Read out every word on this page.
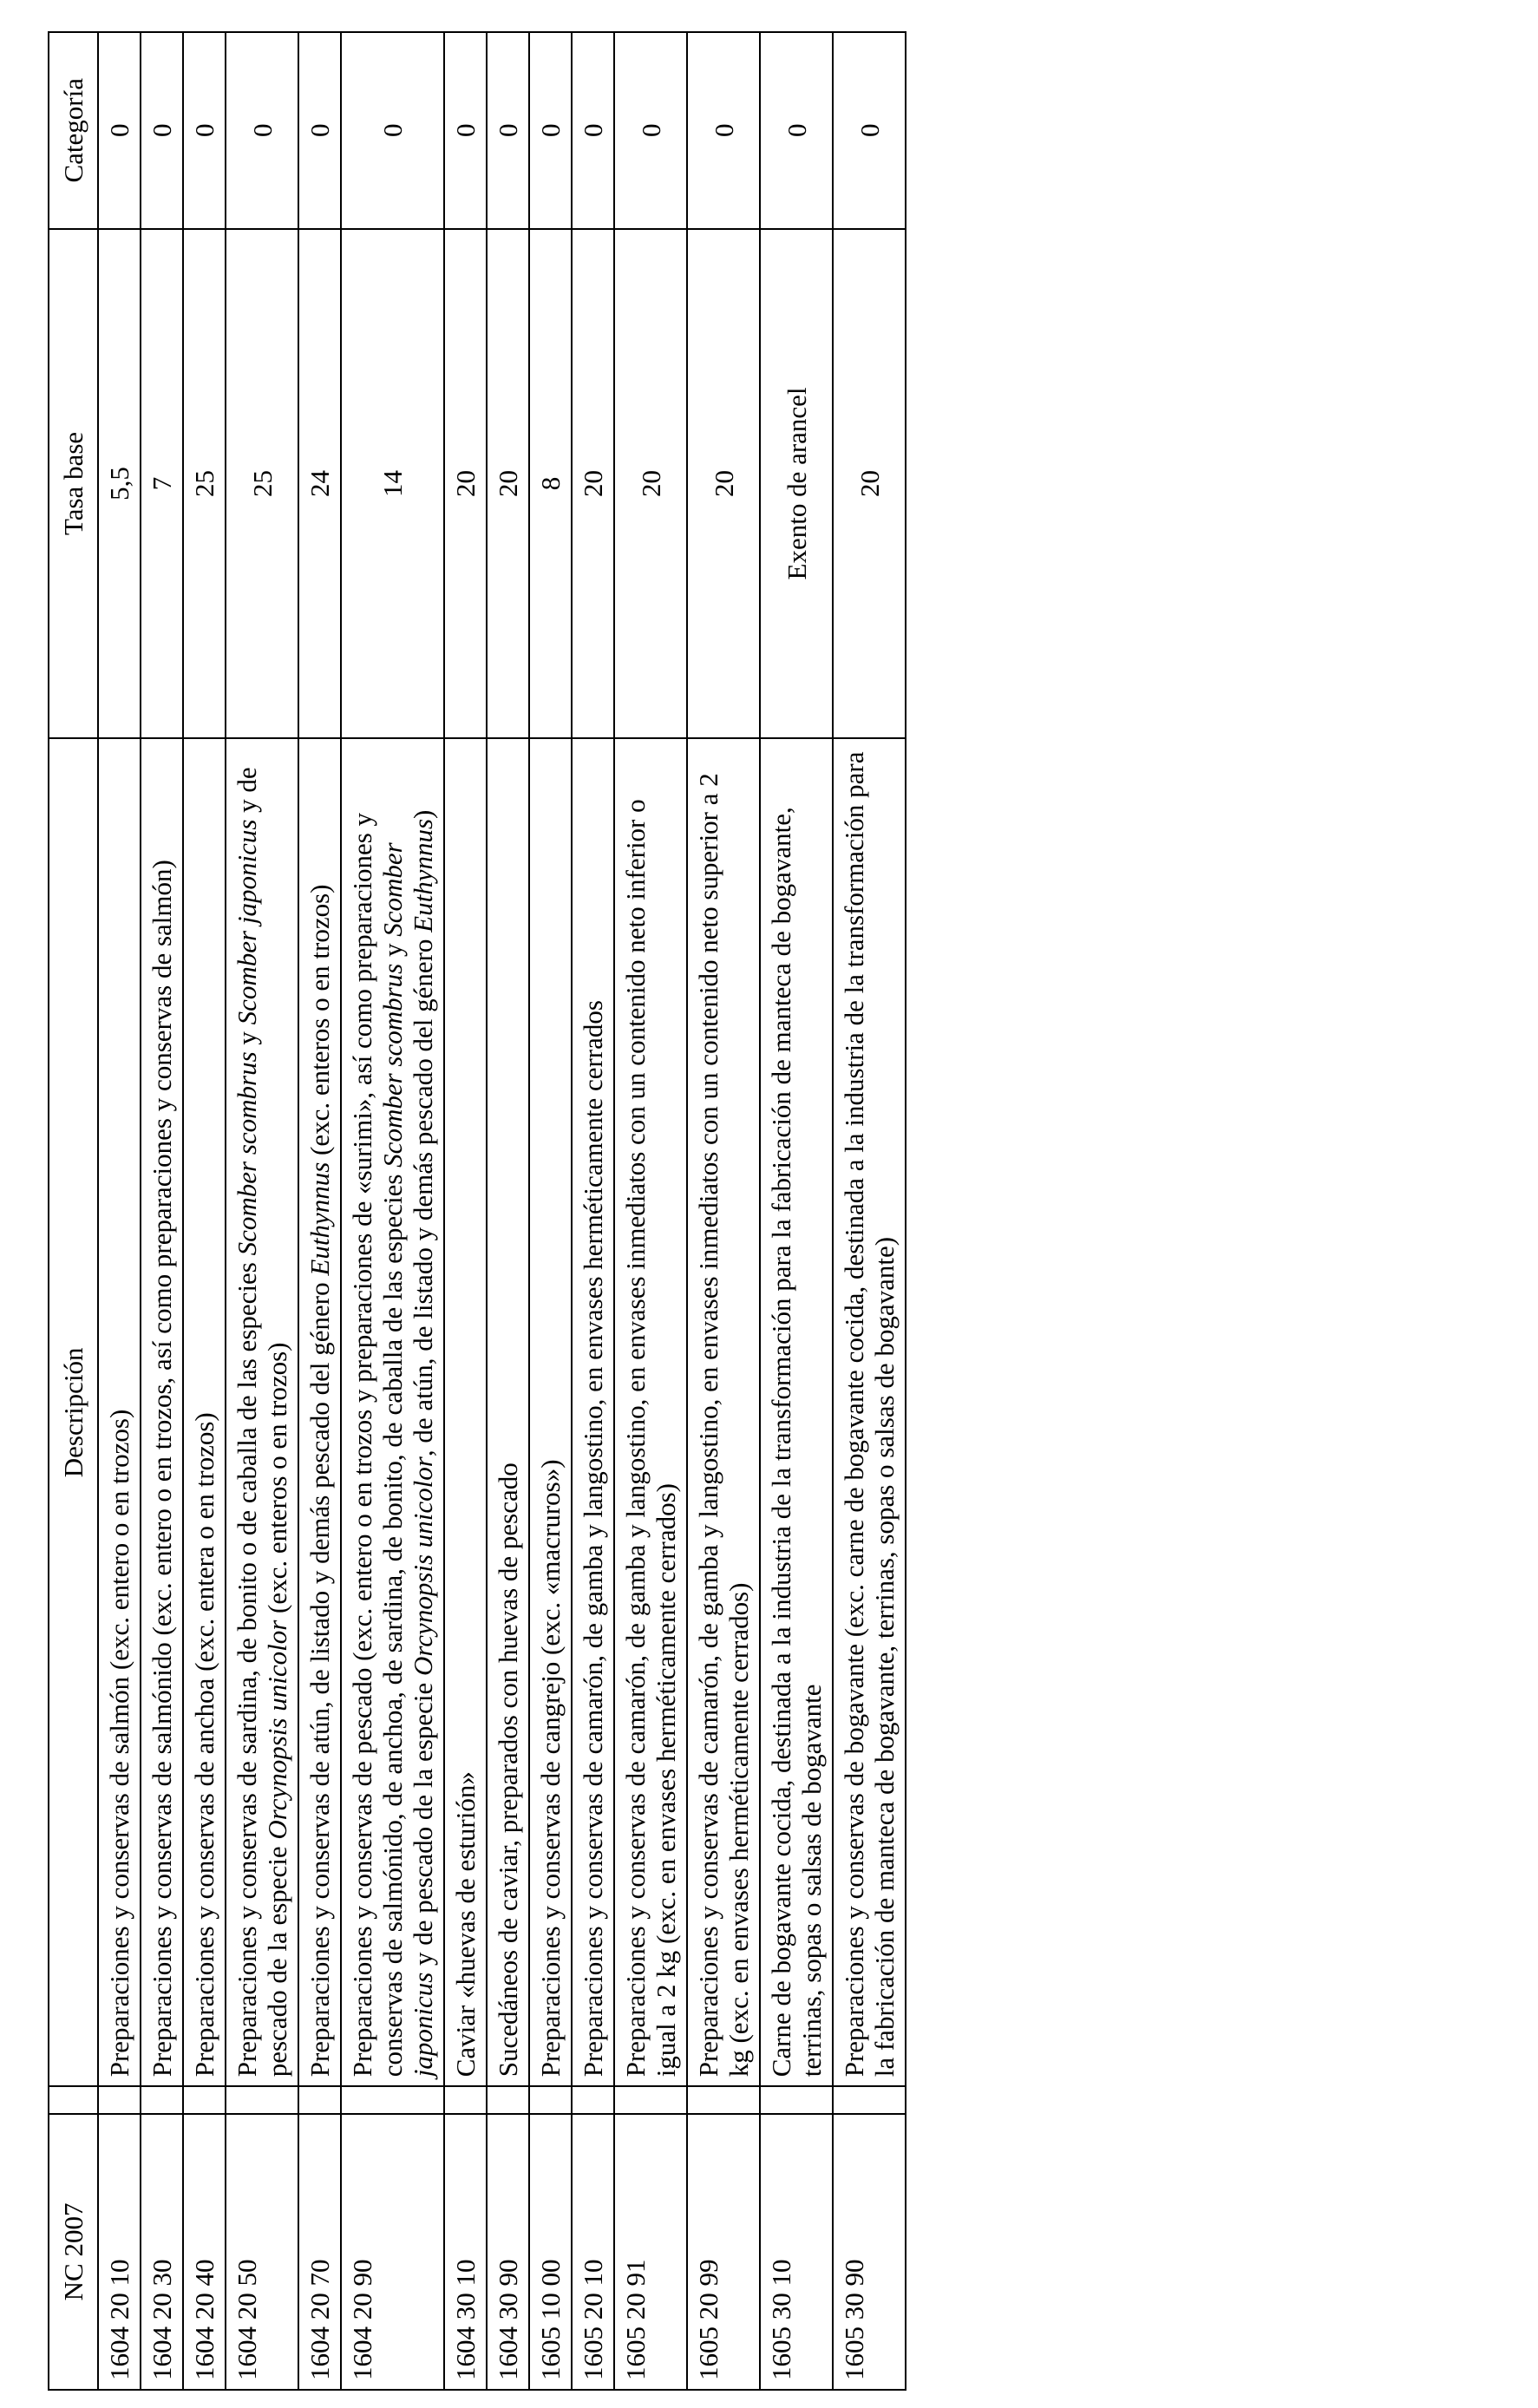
NC 2007		Descripción	Tasa base	Categoría
1604 20 10		Preparaciones y conservas de salmón (exc. entero o en trozos)	5,5	0
1604 20 30		Preparaciones y conservas de salmónido (exc. entero o en trozos, así como preparaciones y conservas de salmón)	7	0
1604 20 40		Preparaciones y conservas de anchoa (exc. entera o en trozos)	25	0
1604 20 50		Preparaciones y conservas de sardina, de bonito o de caballa de las especies Scomber scombrus y Scomber japonicus y de pescado de la especie Orcynopsis unicolor (exc. enteros o en trozos)	25	0
1604 20 70		Preparaciones y conservas de atún, de listado y demás pescado del género Euthynnus (exc. enteros o en trozos)	24	0
1604 20 90		Preparaciones y conservas de pescado (exc. entero o en trozos y preparaciones de «surimi», así como preparaciones y conservas de salmónido, de anchoa, de sardina, de bonito, de caballa de las especies Scomber scombrus y Scomber japonicus y de pescado de la especie Orcynopsis unicolor, de atún, de listado y demás pescado del género Euthynnus)	14	0
1604 30 10		Caviar «huevas de esturión»	20	0
1604 30 90		Sucedáneos de caviar, preparados con huevas de pescado	20	0
1605 10 00		Preparaciones y conservas de cangrejo (exc. «macruros»)	8	0
1605 20 10		Preparaciones y conservas de camarón, de gamba y langostino, en envases herméticamente cerrados	20	0
1605 20 91		Preparaciones y conservas de camarón, de gamba y langostino, en envases inmediatos con un contenido neto inferior o igual a 2 kg (exc. en envases herméticamente cerrados)	20	0
1605 20 99		Preparaciones y conservas de camarón, de gamba y langostino, en envases inmediatos con un contenido neto superior a 2 kg (exc. en envases herméticamente cerrados)	20	0
1605 30 10		Carne de bogavante cocida, destinada a la industria de la transformación para la fabricación de manteca de bogavante, terrinas, sopas o salsas de bogavante	Exento de arancel	0
1605 30 90		Preparaciones y conservas de bogavante (exc. carne de bogavante cocida, destinada a la industria de la transformación para la fabricación de manteca de bogavante, terrinas, sopas o salsas de bogavante)	20	0
